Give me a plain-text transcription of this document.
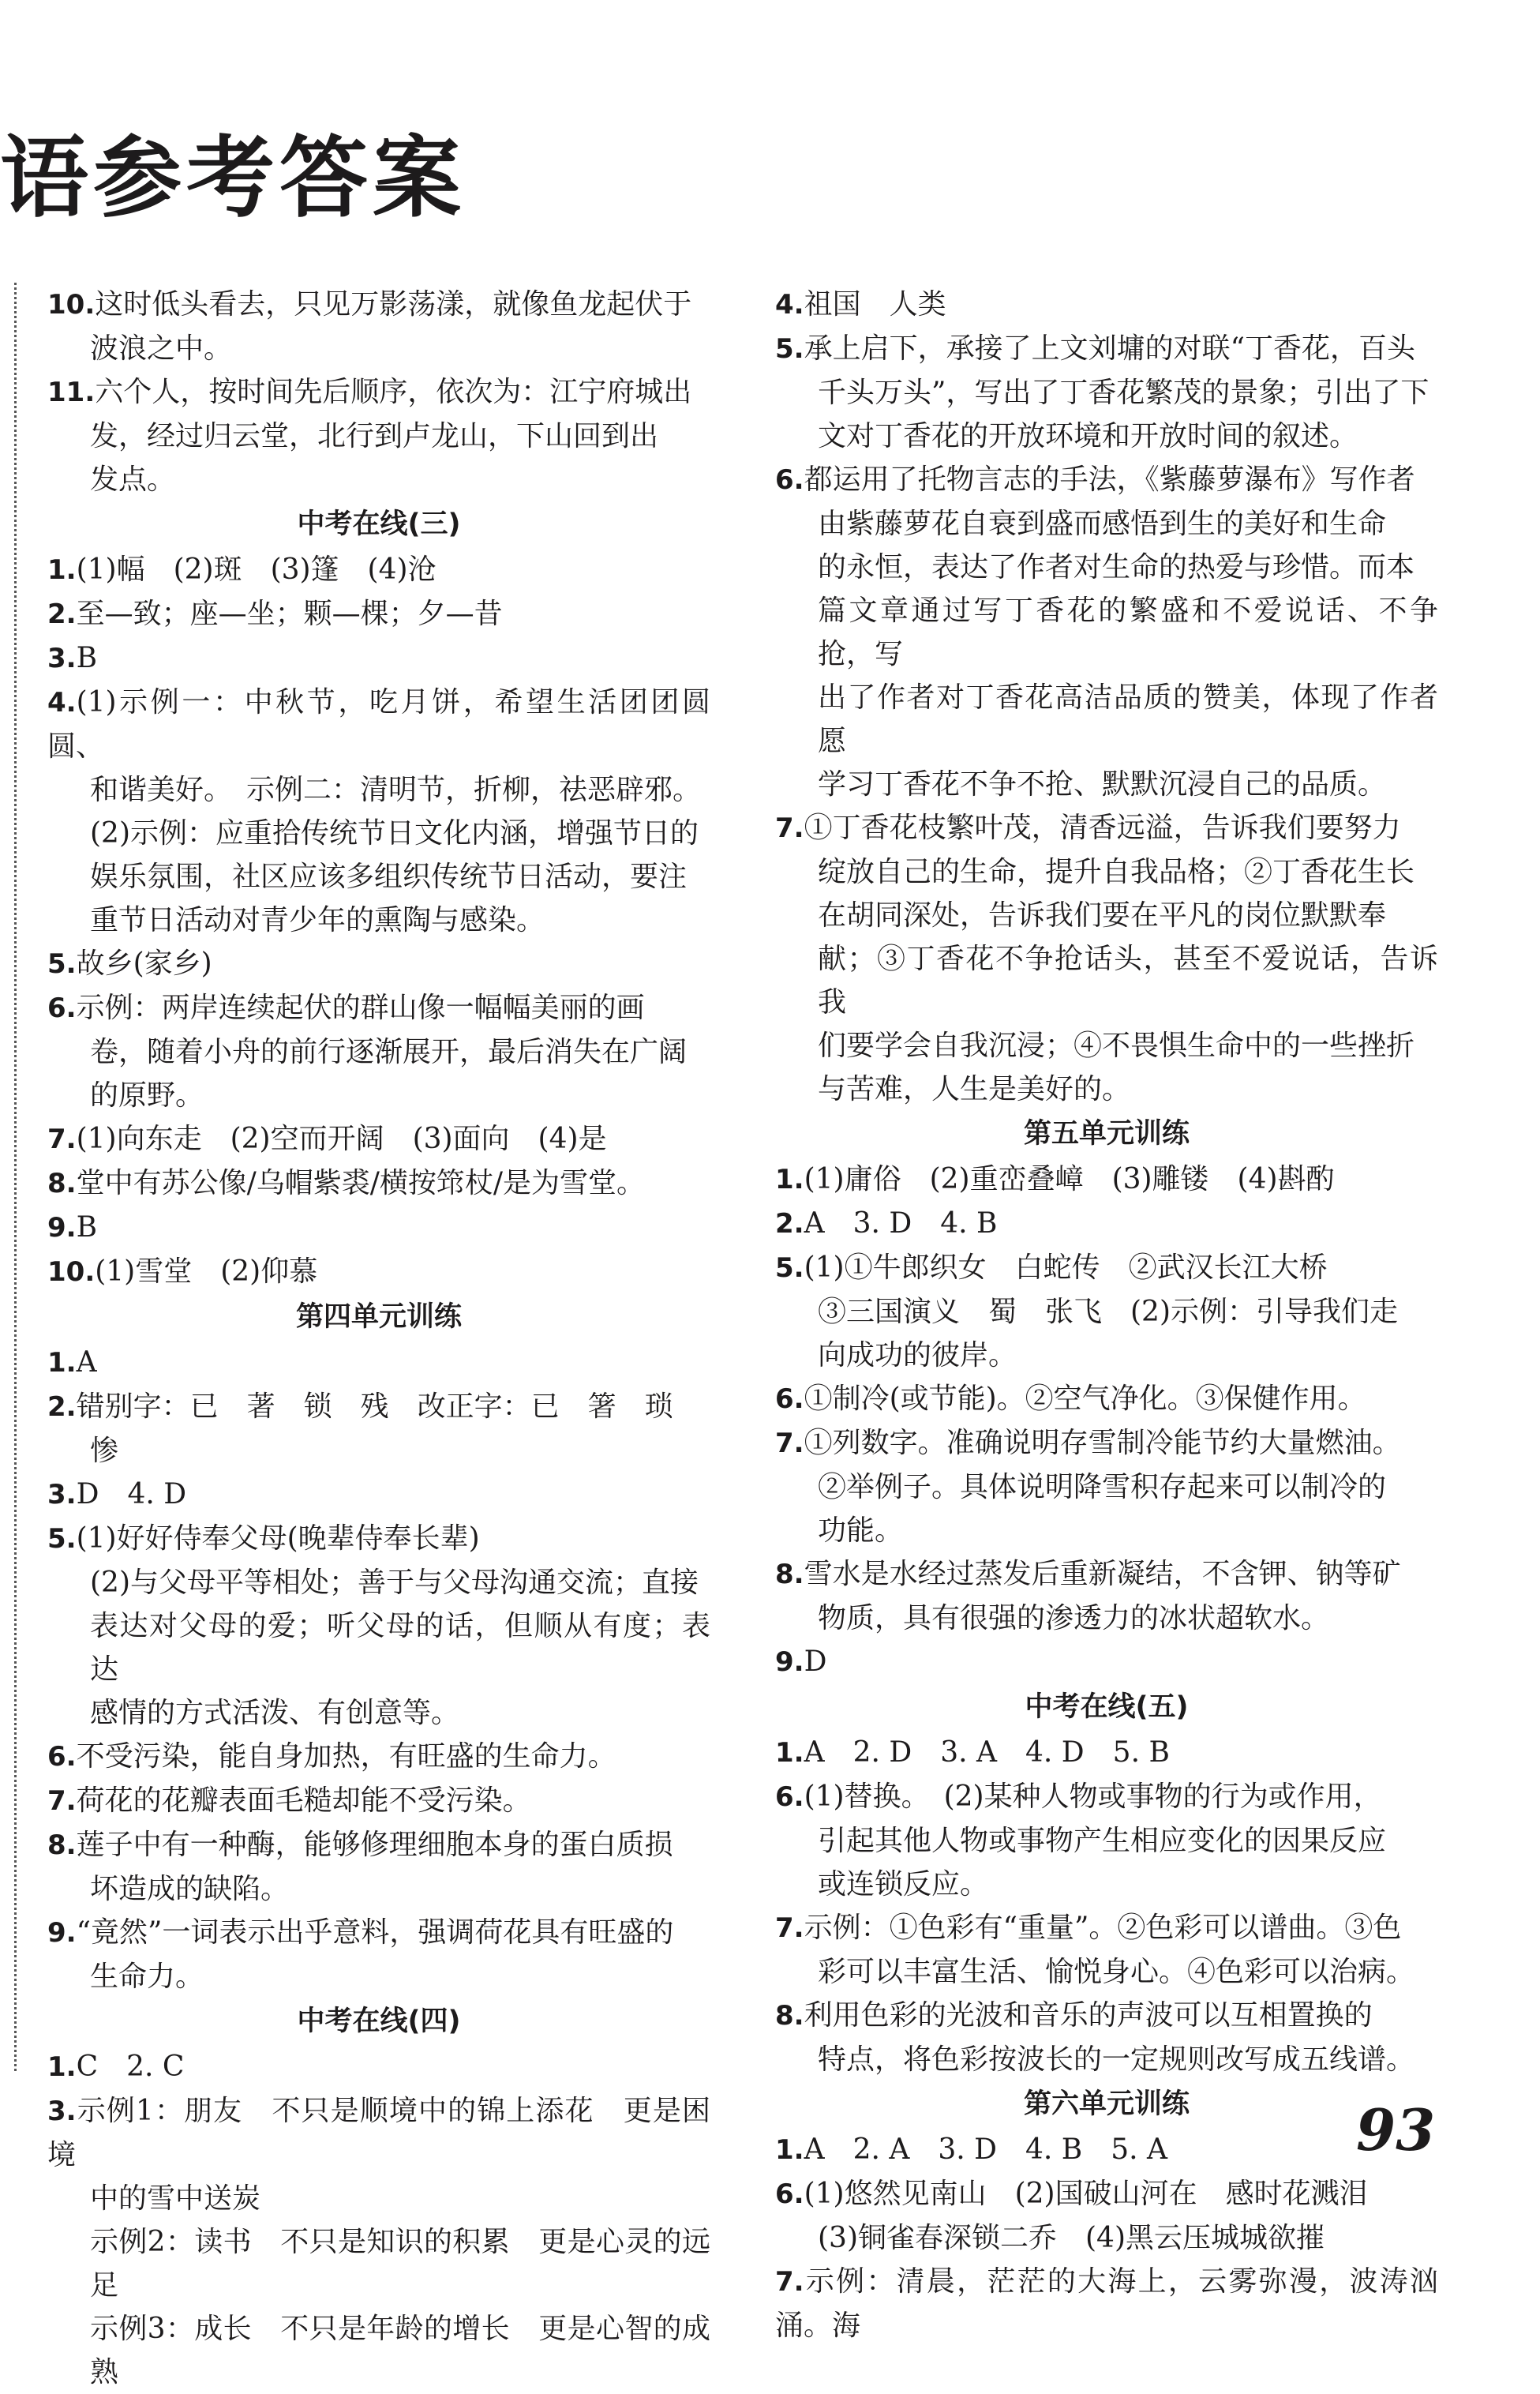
语参考答案
10.这时低头看去，只见万影荡漾，就像鱼龙起伏于
波浪之中。
11.六个人，按时间先后顺序，依次为：江宁府城出
发，经过归云堂，北行到卢龙山，下山回到出
发点。
中考在线(三)
1.(1)幅　(2)斑　(3)篷　(4)沧
2.至—致；座—坐；颗—棵；夕—昔
3.B
4.(1)示例一：中秋节，吃月饼，希望生活团团圆圆、
和谐美好。　示例二：清明节，折柳，祛恶辟邪。
(2)示例：应重拾传统节日文化内涵，增强节日的
娱乐氛围，社区应该多组织传统节日活动，要注
重节日活动对青少年的熏陶与感染。
5.故乡(家乡)
6.示例：两岸连续起伏的群山像一幅幅美丽的画
卷，随着小舟的前行逐渐展开，最后消失在广阔
的原野。
7.(1)向东走　(2)空而开阔　(3)面向　(4)是
8.堂中有苏公像/乌帽紫裘/横按筇杖/是为雪堂。
9.B
10.(1)雪堂　(2)仰慕
第四单元训练
1.A
2.错别字：已　著　锁　残　改正字：已　箸　琐
惨
3.D　4. D
5.(1)好好侍奉父母(晚辈侍奉长辈)
(2)与父母平等相处；善于与父母沟通交流；直接
表达对父母的爱；听父母的话，但顺从有度；表达
感情的方式活泼、有创意等。
6.不受污染，能自身加热，有旺盛的生命力。
7.荷花的花瓣表面毛糙却能不受污染。
8.莲子中有一种酶，能够修理细胞本身的蛋白质损
坏造成的缺陷。
9.“竟然”一词表示出乎意料，强调荷花具有旺盛的
生命力。
中考在线(四)
1.C　2. C
3.示例1：朋友　不只是顺境中的锦上添花　更是困境
中的雪中送炭
示例2：读书　不只是知识的积累　更是心灵的远足
示例3：成长　不只是年龄的增长　更是心智的成熟
4.祖国　人类
5.承上启下，承接了上文刘墉的对联“丁香花，百头
千头万头”，写出了丁香花繁茂的景象；引出了下
文对丁香花的开放环境和开放时间的叙述。
6.都运用了托物言志的手法，《紫藤萝瀑布》写作者
由紫藤萝花自衰到盛而感悟到生的美好和生命
的永恒，表达了作者对生命的热爱与珍惜。而本
篇文章通过写丁香花的繁盛和不爱说话、不争抢，写
出了作者对丁香花高洁品质的赞美，体现了作者愿
学习丁香花不争不抢、默默沉浸自己的品质。
7.①丁香花枝繁叶茂，清香远溢，告诉我们要努力
绽放自己的生命，提升自我品格；②丁香花生长
在胡同深处，告诉我们要在平凡的岗位默默奉
献；③丁香花不争抢话头，甚至不爱说话，告诉我
们要学会自我沉浸；④不畏惧生命中的一些挫折
与苦难，人生是美好的。
第五单元训练
1.(1)庸俗　(2)重峦叠嶂　(3)雕镂　(4)斟酌
2.A　3. D　4. B
5.(1)①牛郎织女　白蛇传　②武汉长江大桥
③三国演义　蜀　张飞　(2)示例：引导我们走
向成功的彼岸。
6.①制冷(或节能)。②空气净化。③保健作用。
7.①列数字。准确说明存雪制冷能节约大量燃油。
②举例子。具体说明降雪积存起来可以制冷的
功能。
8.雪水是水经过蒸发后重新凝结，不含钾、钠等矿
物质，具有很强的渗透力的冰状超软水。
9.D
中考在线(五)
1.A　2. D　3. A　4. D　5. B
6.(1)替换。　(2)某种人物或事物的行为或作用，
引起其他人物或事物产生相应变化的因果反应
或连锁反应。
7.示例：①色彩有“重量”。②色彩可以谱曲。③色
彩可以丰富生活、愉悦身心。④色彩可以治病。
8.利用色彩的光波和音乐的声波可以互相置换的
特点，将色彩按波长的一定规则改写成五线谱。
第六单元训练
1.A　2. A　3. D　4. B　5. A
6.(1)悠然见南山　(2)国破山河在　感时花溅泪
(3)铜雀春深锁二乔　(4)黑云压城城欲摧
7.示例：清晨，茫茫的大海上，云雾弥漫，波涛汹涌。海
93
